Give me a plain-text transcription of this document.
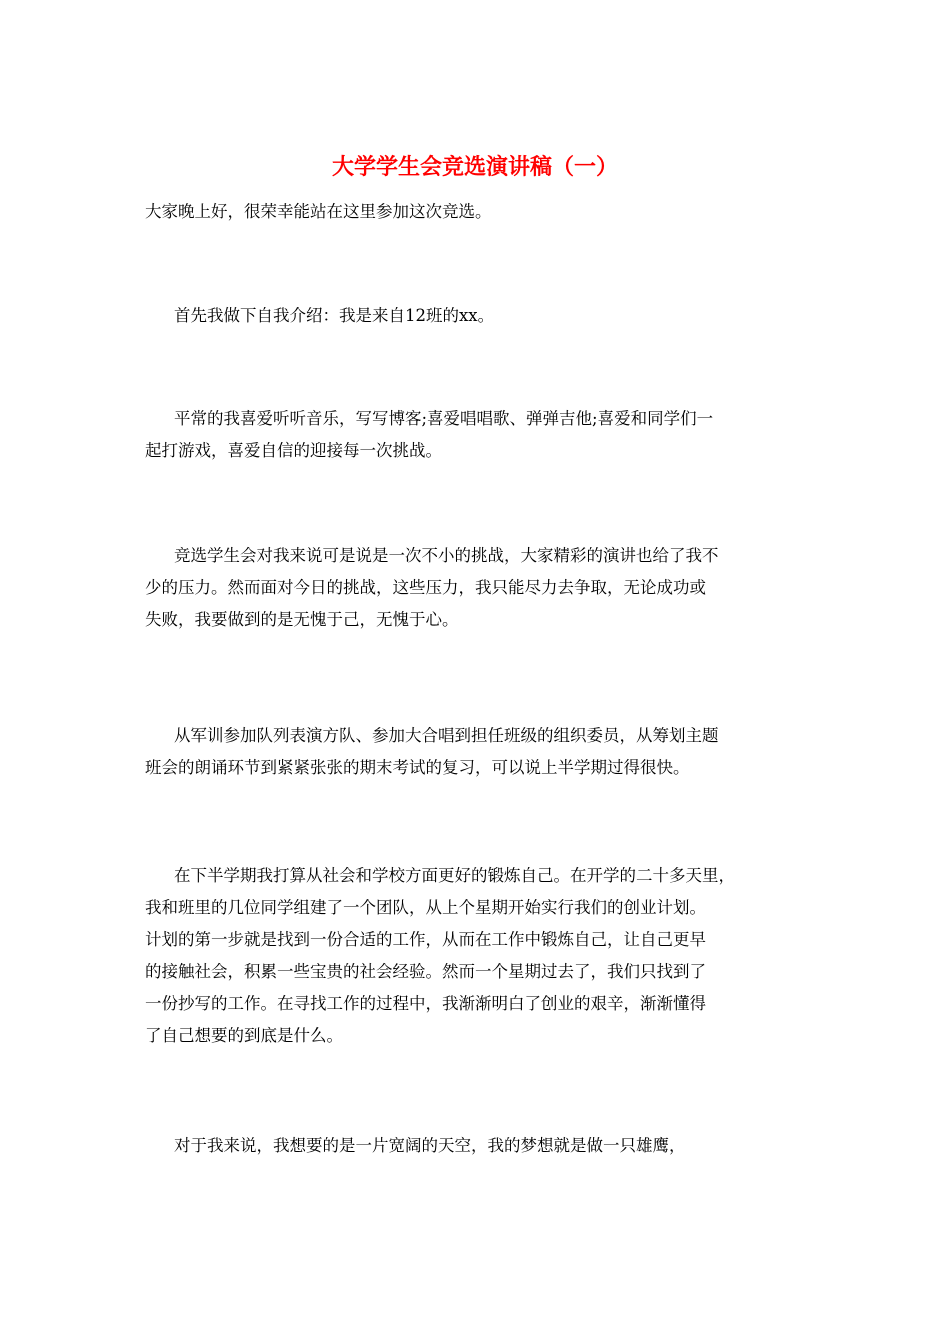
大学学生会竞选演讲稿（一）

大家晚上好，很荣幸能站在这里参加这次竞选。

首先我做下自我介绍：我是来自12班的xx。

平常的我喜爱听听音乐，写写博客;喜爱唱唱歌、弹弹吉他;喜爱和同学们一
起打游戏，喜爱自信的迎接每一次挑战。

竞选学生会对我来说可是说是一次不小的挑战，大家精彩的演讲也给了我不
少的压力。然而面对今日的挑战，这些压力，我只能尽力去争取，无论成功或
失败，我要做到的是无愧于己，无愧于心。

从军训参加队列表演方队、参加大合唱到担任班级的组织委员，从筹划主题
班会的朗诵环节到紧紧张张的期末考试的复习，可以说上半学期过得很快。

在下半学期我打算从社会和学校方面更好的锻炼自己。在开学的二十多天里，
我和班里的几位同学组建了一个团队，从上个星期开始实行我们的创业计划。
计划的第一步就是找到一份合适的工作，从而在工作中锻炼自己，让自己更早
的接触社会，积累一些宝贵的社会经验。然而一个星期过去了，我们只找到了
一份抄写的工作。在寻找工作的过程中，我渐渐明白了创业的艰辛，渐渐懂得
了自己想要的到底是什么。

对于我来说，我想要的是一片宽阔的天空，我的梦想就是做一只雄鹰，
